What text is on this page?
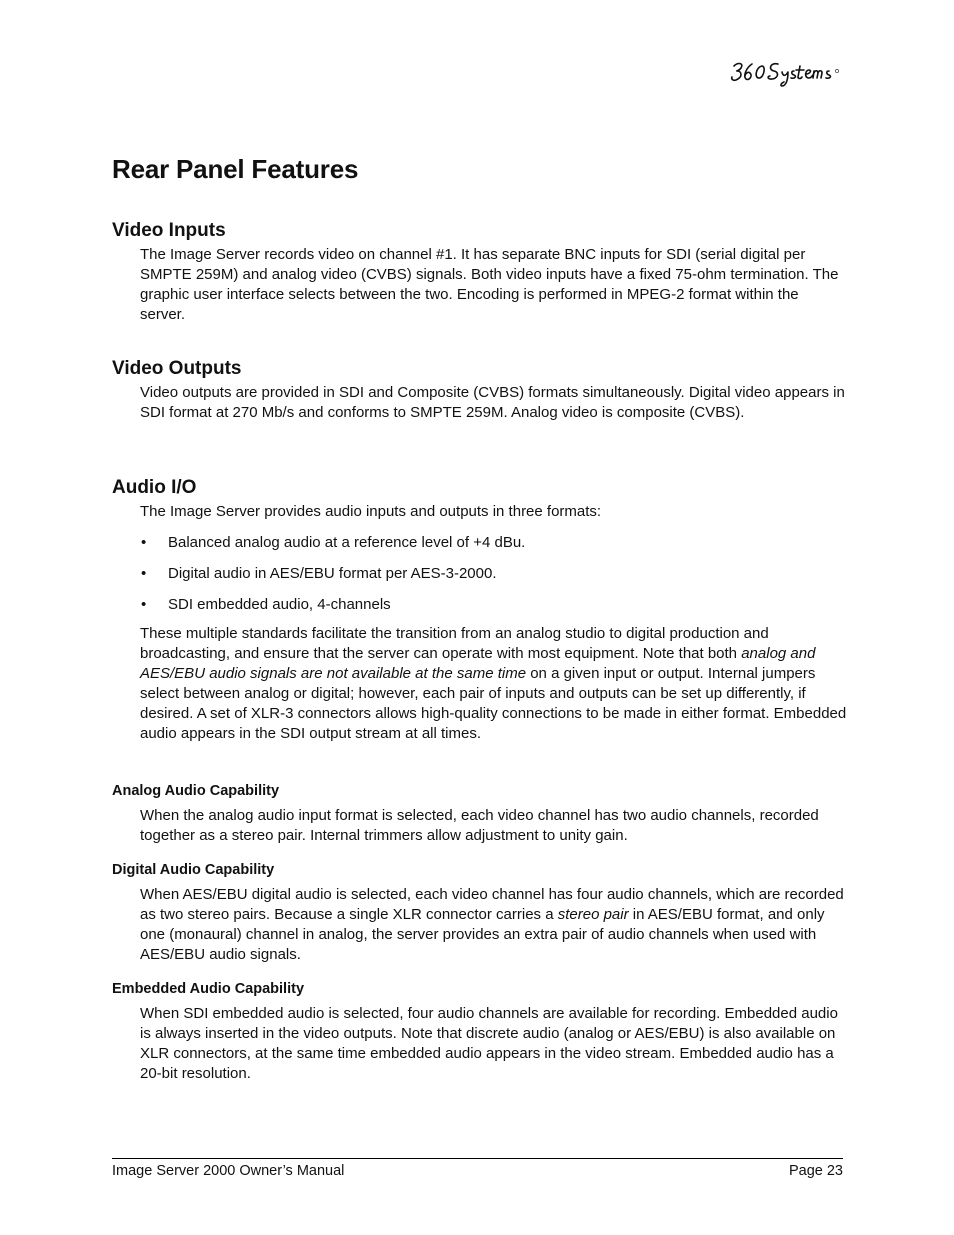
Rear Panel Features
Video Inputs

The Image Server records video on channel #1. It has separate BNC inputs for SDI (serial digital per SMPTE 259M) and analog video (CVBS) signals. Both video inputs have a fixed 75-ohm termination. The graphic user interface selects between the two. Encoding is performed in MPEG-2 format within the server.

Video Outputs

Video outputs are provided in SDI and Composite (CVBS) formats simultaneously. Digital video appears in SDI format at 270 Mb/s and conforms to SMPTE 259M. Analog video is composite (CVBS).

Audio I/O

The Image Server provides audio inputs and outputs in three formats:

• Balanced analog audio at a reference level of +4 dBu.
• Digital audio in AES/EBU format per AES-3-2000.
• SDI embedded audio, 4-channels

These multiple standards facilitate the transition from an analog studio to digital production and broadcasting, and ensure that the server can operate with most equipment. Note that both analog and AES/EBU audio signals are not available at the same time on a given input or output. Internal jumpers select between analog or digital; however, each pair of inputs and outputs can be set up differently, if desired. A set of XLR-3 connectors allows high-quality connections to be made in either format. Embedded audio appears in the SDI output stream at all times.

Analog Audio Capability

When the analog audio input format is selected, each video channel has two audio channels, recorded together as a stereo pair. Internal trimmers allow adjustment to unity gain.

Digital Audio Capability

When AES/EBU digital audio is selected, each video channel has four audio channels, which are recorded as two stereo pairs. Because a single XLR connector carries a stereo pair in AES/EBU format, and only one (monaural) channel in analog, the server provides an extra pair of audio channels when used with AES/EBU audio signals.

Embedded Audio Capability

When SDI embedded audio is selected, four audio channels are available for recording. Embedded audio is always inserted in the video outputs. Note that discrete audio (analog or AES/EBU) is also available on XLR connectors, at the same time embedded audio appears in the video stream. Embedded audio has a 20-bit resolution.

Image Server 2000 Owner’s Manual	Page 23
